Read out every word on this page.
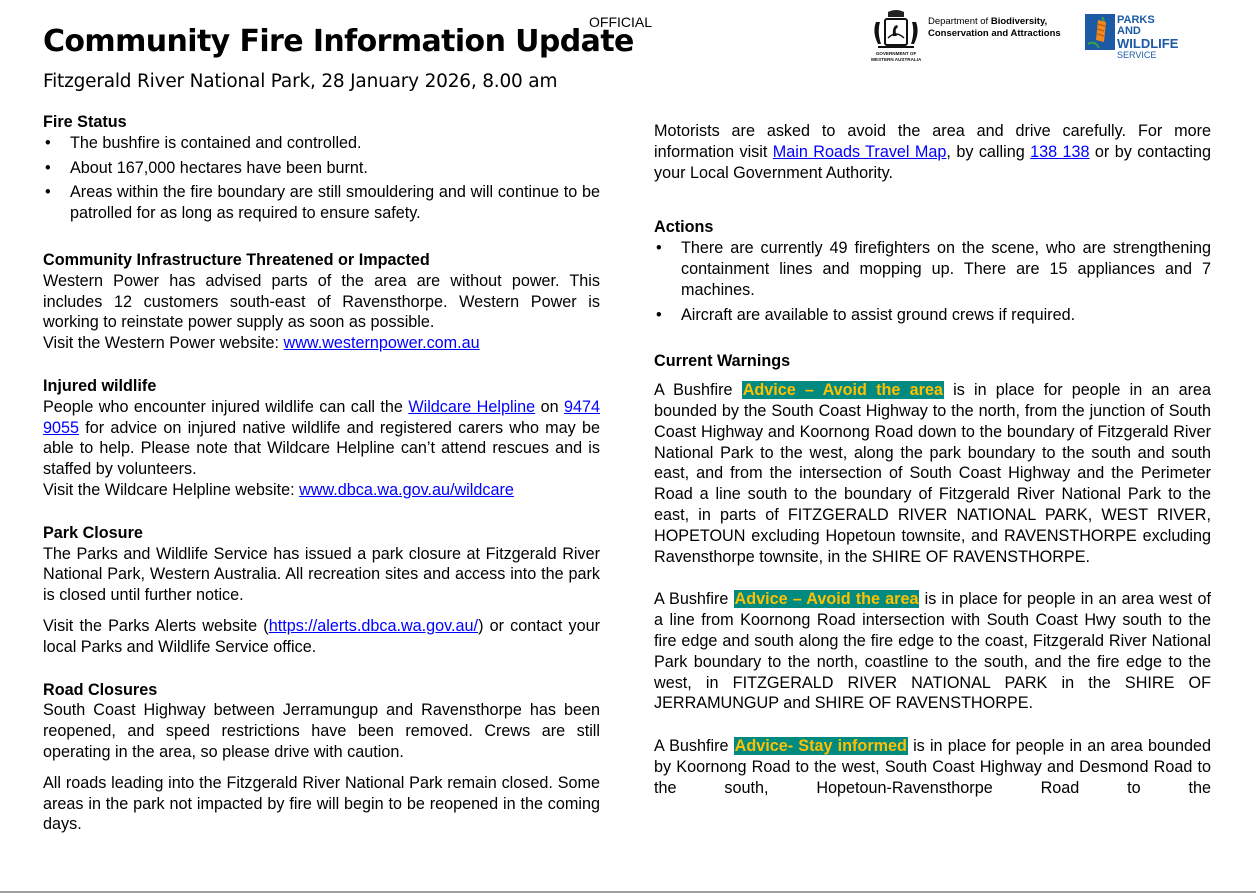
OFFICIAL
Community Fire Information Update
Fitzgerald River National Park, 28 January 2026, 8.00 am
GOVERNMENT OF
WESTERN AUSTRALIA
Department of Biodiversity,
Conservation and Attractions
PARKS AND
WILDLIFE
SERVICE
Fire Status
• The bushfire is contained and controlled.
• About 167,000 hectares have been burnt.
• Areas within the fire boundary are still smouldering and will continue to be patrolled for as long as required to ensure safety.
Community Infrastructure Threatened or Impacted
Western Power has advised parts of the area are without power. This includes 12 customers south-east of Ravensthorpe. Western Power is working to reinstate power supply as soon as possible.
Visit the Western Power website: www.westernpower.com.au
Injured wildlife
People who encounter injured wildlife can call the Wildcare Helpline on 9474 9055 for advice on injured native wildlife and registered carers who may be able to help. Please note that Wildcare Helpline can’t attend rescues and is staffed by volunteers.
Visit the Wildcare Helpline website: www.dbca.wa.gov.au/wildcare
Park Closure
The Parks and Wildlife Service has issued a park closure at Fitzgerald River National Park, Western Australia. All recreation sites and access into the park is closed until further notice.
Visit the Parks Alerts website (https://alerts.dbca.wa.gov.au/) or contact your local Parks and Wildlife Service office.
Road Closures
South Coast Highway between Jerramungup and Ravensthorpe has been reopened, and speed restrictions have been removed. Crews are still operating in the area, so please drive with caution.
All roads leading into the Fitzgerald River National Park remain closed. Some areas in the park not impacted by fire will begin to be reopened in the coming days.
Motorists are asked to avoid the area and drive carefully. For more information visit Main Roads Travel Map, by calling 138 138 or by contacting your Local Government Authority.
Actions
• There are currently 49 firefighters on the scene, who are strengthening containment lines and mopping up. There are 15 appliances and 7 machines.
• Aircraft are available to assist ground crews if required.
Current Warnings
A Bushfire Advice – Avoid the area is in place for people in an area bounded by the South Coast Highway to the north, from the junction of South Coast Highway and Koornong Road down to the boundary of Fitzgerald River National Park to the west, along the park boundary to the south and south east, and from the intersection of South Coast Highway and the Perimeter Road a line south to the boundary of Fitzgerald River National Park to the east, in parts of FITZGERALD RIVER NATIONAL PARK, WEST RIVER, HOPETOUN excluding Hopetoun townsite, and RAVENSTHORPE excluding Ravensthorpe townsite, in the SHIRE OF RAVENSTHORPE.
A Bushfire Advice – Avoid the area is in place for people in an area west of a line from Koornong Road intersection with South Coast Hwy south to the fire edge and south along the fire edge to the coast, Fitzgerald River National Park boundary to the north, coastline to the south, and the fire edge to the west, in FITZGERALD RIVER NATIONAL PARK in the SHIRE OF JERRAMUNGUP and SHIRE OF RAVENSTHORPE.
A Bushfire Advice- Stay informed is in place for people in an area bounded by Koornong Road to the west, South Coast Highway and Desmond Road to the south, Hopetoun-Ravensthorpe Road to the
